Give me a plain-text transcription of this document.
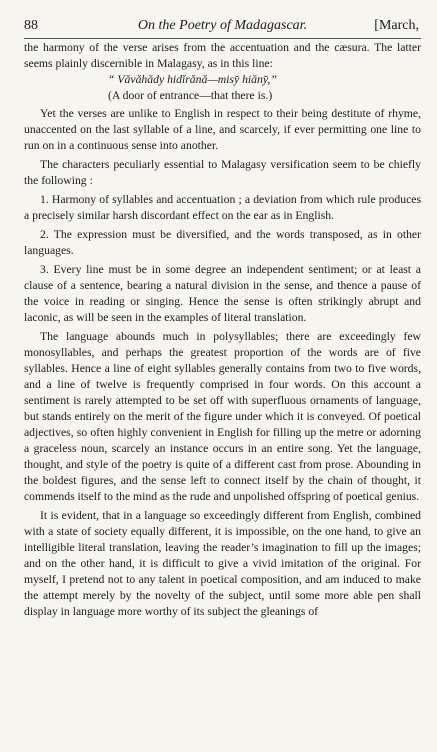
88	On the Poetry of Madagascar.	[March,

the harmony of the verse arises from the accentuation and the cæsura. The latter seems plainly discernible in Malagasy, as in this line:

“ Văvăhădy hidĭrănă—misy̆ hiăny̆,”
(A door of entrance—that there is.)

Yet the verses are unlike to English in respect to their being destitute of rhyme, unaccented on the last syllable of a line, and scarcely, if ever permitting one line to run on in a continuous sense into another.

The characters peculiarly essential to Malagasy versification seem to be chiefly the following :

1. Harmony of syllables and accentuation ; a deviation from which rule produces a precisely similar harsh discordant effect on the ear as in English.

2. The expression must be diversified, and the words transposed, as in other languages.

3. Every line must be in some degree an independent sentiment; or at least a clause of a sentence, bearing a natural division in the sense, and thence a pause of the voice in reading or singing. Hence the sense is often strikingly abrupt and laconic, as will be seen in the examples of literal translation.

The language abounds much in polysyllables; there are exceedingly few monosyllables, and perhaps the greatest proportion of the words are of five syllables. Hence a line of eight syllables generally contains from two to five words, and a line of twelve is frequently comprised in four words. On this account a sentiment is rarely attempted to be set off with superfluous ornaments of language, but stands entirely on the merit of the figure under which it is conveyed. Of poetical adjectives, so often highly convenient in English for filling up the metre or adorning a graceless noun, scarcely an instance occurs in an entire song. Yet the language, thought, and style of the poetry is quite of a different cast from prose. Abounding in the boldest figures, and the sense left to connect itself by the chain of thought, it commends itself to the mind as the rude and unpolished offspring of poetical genius.

It is evident, that in a language so exceedingly different from English, combined with a state of society equally different, it is impossible, on the one hand, to give an intelligible literal translation, leaving the reader’s imagination to fill up the images; and on the other hand, it is difficult to give a vivid imitation of the original. For myself, I pretend not to any talent in poetical composition, and am induced to make the attempt merely by the novelty of the subject, until some more able pen shall display in language more worthy of its subject the gleanings of
